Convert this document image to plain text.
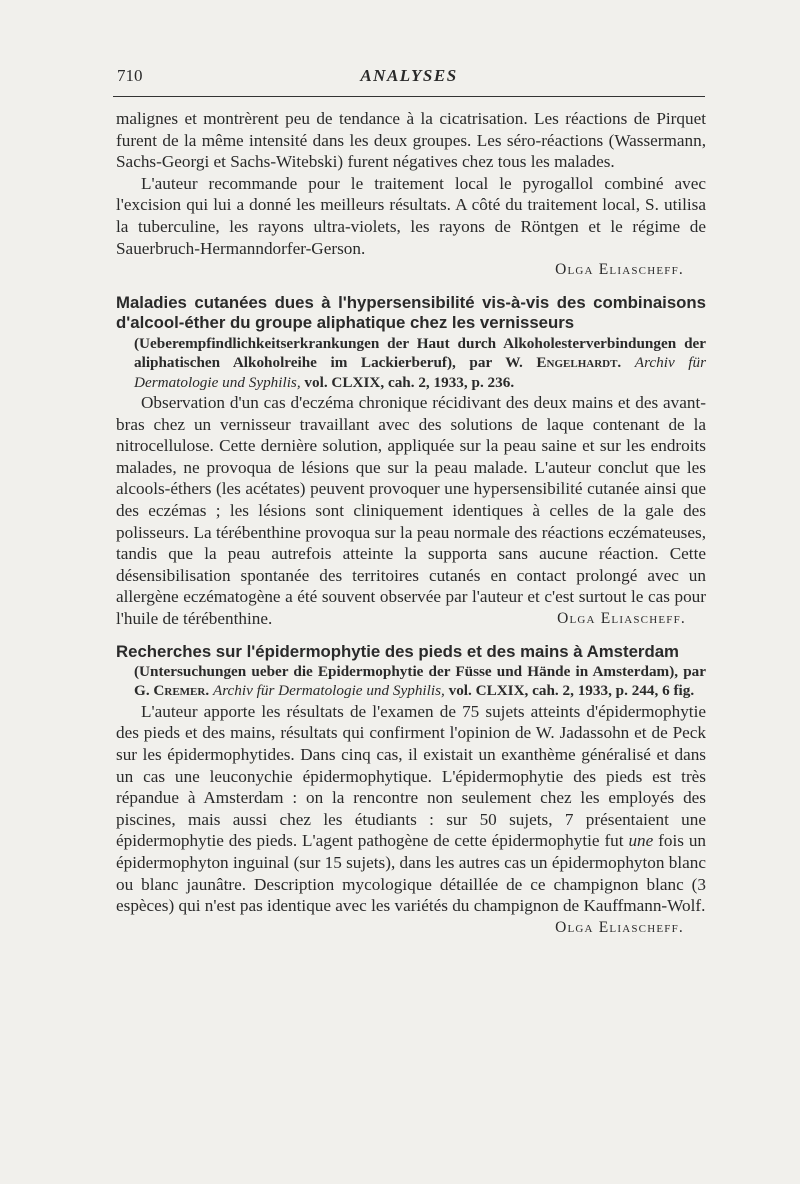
710	ANALYSES

malignes et montrèrent peu de tendance à la cicatrisation. Les réactions de Pirquet furent de la même intensité dans les deux groupes. Les séro-réactions (Wassermann, Sachs-Georgi et Sachs-Witebski) furent négatives chez tous les malades.

L'auteur recommande pour le traitement local le pyrogallol combiné avec l'excision qui lui a donné les meilleurs résultats. A côté du traitement local, S. utilisa la tuberculine, les rayons ultra-violets, les rayons de Röntgen et le régime de Sauerbruch-Hermanndorfer-Gerson.

Olga Eliascheff.

Maladies cutanées dues à l'hypersensibilité vis-à-vis des combinaisons d'alcool-éther du groupe aliphatique chez les vernisseurs

(Ueberempfindlichkeitserkrankungen der Haut durch Alkoholesterverbindungen der aliphatischen Alkoholreihe im Lackierberuf), par W. Engelhardt. Archiv für Dermatologie und Syphilis, vol. CLXIX, cah. 2, 1933, p. 236.

Observation d'un cas d'eczéma chronique récidivant des deux mains et des avant-bras chez un vernisseur travaillant avec des solutions de laque contenant de la nitrocellulose. Cette dernière solution, appliquée sur la peau saine et sur les endroits malades, ne provoqua de lésions que sur la peau malade. L'auteur conclut que les alcools-éthers (les acétates) peuvent provoquer une hypersensibilité cutanée ainsi que des eczémas ; les lésions sont cliniquement identiques à celles de la gale des polisseurs. La térébenthine provoqua sur la peau normale des réactions eczémateuses, tandis que la peau autrefois atteinte la supporta sans aucune réaction. Cette désensibilisation spontanée des territoires cutanés en contact prolongé avec un allergène eczématogène a été souvent observée par l'auteur et c'est surtout le cas pour l'huile de térébenthine.	Olga Eliascheff.

Recherches sur l'épidermophytie des pieds et des mains à Amsterdam

(Untersuchungen ueber die Epidermophytie der Füsse und Hände in Amsterdam), par G. Cremer. Archiv für Dermatologie und Syphilis, vol. CLXIX, cah. 2, 1933, p. 244, 6 fig.

L'auteur apporte les résultats de l'examen de 75 sujets atteints d'épidermophytie des pieds et des mains, résultats qui confirment l'opinion de W. Jadassohn et de Peck sur les épidermophytides. Dans cinq cas, il existait un exanthème généralisé et dans un cas une leuconychie épidermophytique. L'épidermophytie des pieds est très répandue à Amsterdam : on la rencontre non seulement chez les employés des piscines, mais aussi chez les étudiants : sur 50 sujets, 7 présentaient une épidermophytie des pieds. L'agent pathogène de cette épidermophytie fut une fois un épidermophyton inguinal (sur 15 sujets), dans les autres cas un épidermophyton blanc ou blanc jaunâtre. Description mycologique détaillée de ce champignon blanc (3 espèces) qui n'est pas identique avec les variétés du champignon de Kauffmann-Wolf.

Olga Eliascheff.
